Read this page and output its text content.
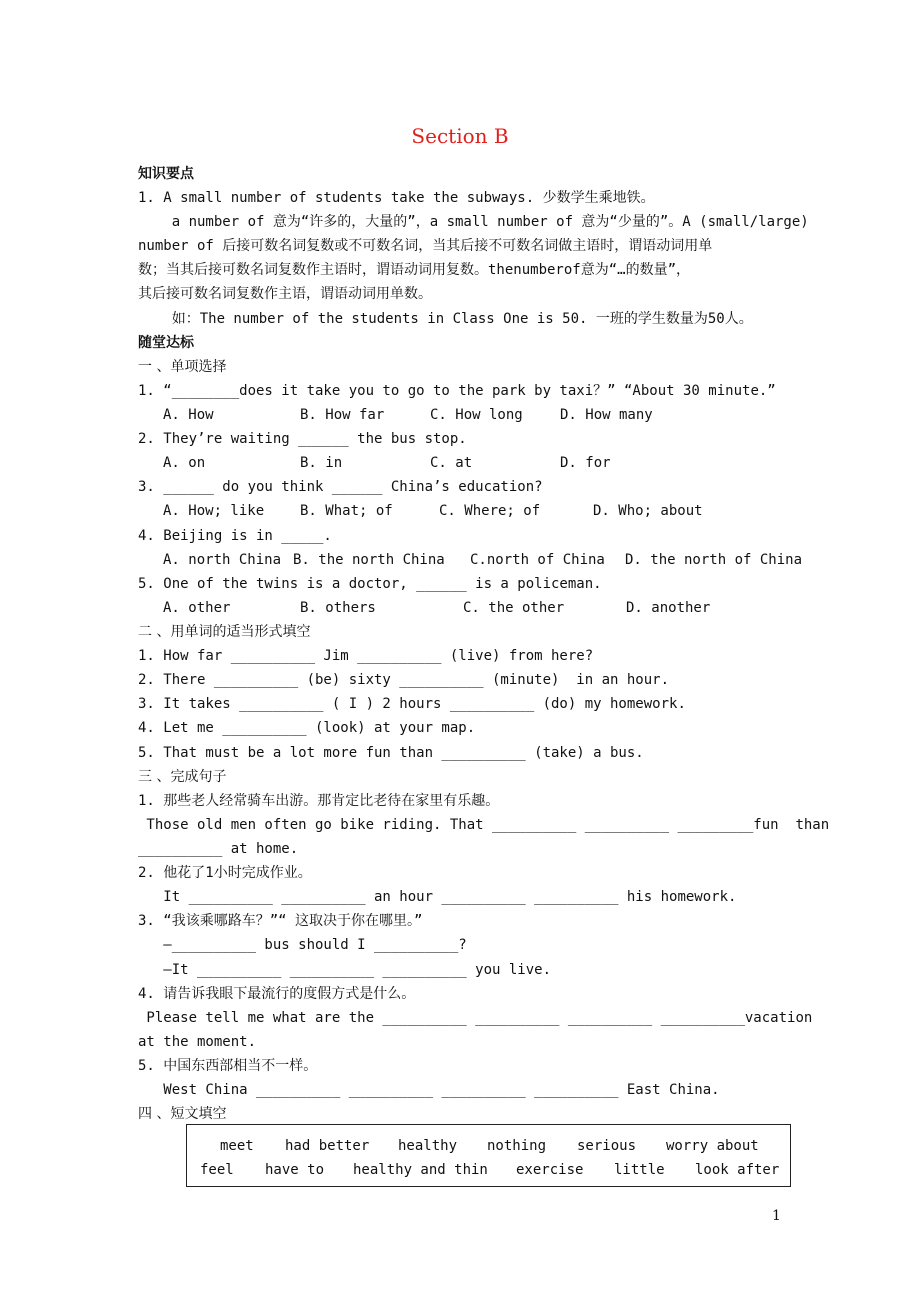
Section B
知识要点
1. A small number of students take the subways. 少数学生乘地铁。
a number of 意为“许多的，大量的”，a small number of 意为“少量的”。A (small/large)
number of 后接可数名词复数或不可数名词，当其后接不可数名词做主语时，谓语动词用单
数；当其后接可数名词复数作主语时，谓语动词用复数。thenumberof意为“…的数量”，
其后接可数名词复数作主语，谓语动词用单数。
如：The number of the students in Class One is 50. 一班的学生数量为50人。
随堂达标
一 、单项选择
1. “________does it take you to go to the park by taxi？” “About 30 minute.”
A. How	B. How far	C. How long	D. How many
2. They’re waiting ______ the bus stop.
A. on	B. in	C. at	D. for
3. ______ do you think ______ China’s education?
A. How; like	B. What; of	C. Where; of	D. Who; about
4. Beijing is in _____.
A. north China B. the north China C.north of China D. the north of China
5. One of the twins is a doctor, ______ is a policeman.
A. other	B. others	C. the other	D. another
二 、用单词的适当形式填空
1. How far __________ Jim __________ (live) from here?
2. There __________ (be) sixty __________ (minute)  in an hour.
3. It takes __________ ( I ) 2 hours __________ (do) my homework.
4. Let me __________ (look) at your map.
5. That must be a lot more fun than __________ (take) a bus.
三 、完成句子
1. 那些老人经常骑车出游。那肯定比老待在家里有乐趣。
Those old men often go bike riding. That __________ __________ _________fun  than
__________ at home.
2. 他花了1小时完成作业。
It __________ __________ an hour __________ __________ his homework.
3. “我该乘哪路车？”“ 这取决于你在哪里。”
—__________ bus should I __________?
—It __________ __________ __________ you live.
4. 请告诉我眼下最流行的度假方式是什么。
Please tell me what are the __________ __________ __________ __________vacation
at the moment.
5. 中国东西部相当不一样。
West China __________ __________ __________ __________ East China.
四 、短文填空
meet had better healthy nothing serious worry about
feel have to healthy and thin exercise little look after
1
